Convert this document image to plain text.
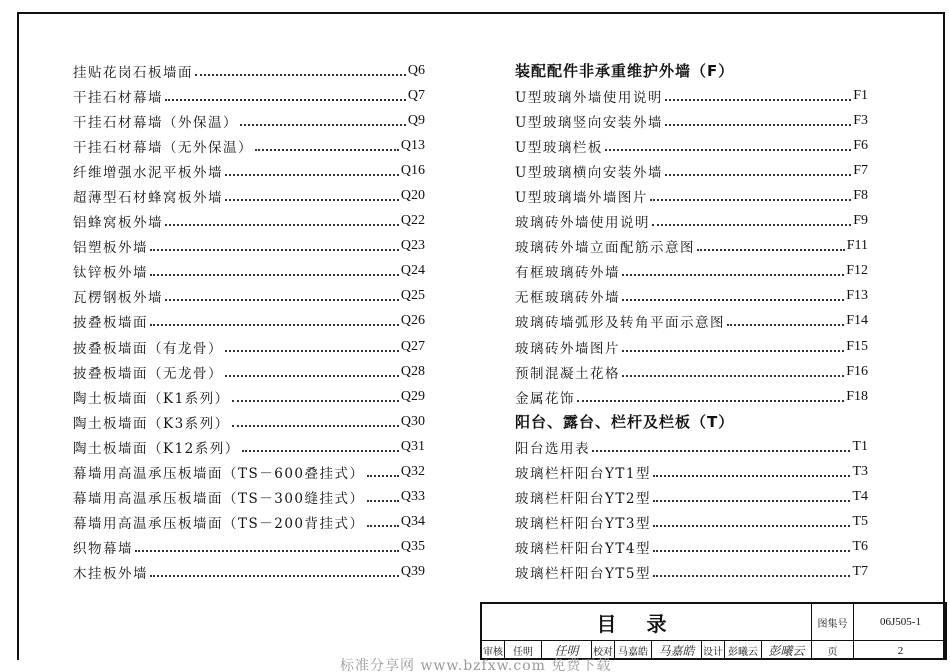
挂贴花岗石板墙面	Q6
干挂石材幕墙	Q7
干挂石材幕墙（外保温）	Q9
干挂石材幕墙（无外保温）	Q13
纤维增强水泥平板外墙	Q16
超薄型石材蜂窝板外墙	Q20
铝蜂窝板外墙	Q22
铝塑板外墙	Q23
钛锌板外墙	Q24
瓦楞钢板外墙	Q25
披叠板墙面	Q26
披叠板墙面（有龙骨）	Q27
披叠板墙面（无龙骨）	Q28
陶土板墙面（K1系列）	Q29
陶土板墙面（K3系列）	Q30
陶土板墙面（K12系列）	Q31
幕墙用高温承压板墙面（TS－600叠挂式）	Q32
幕墙用高温承压板墙面（TS－300缝挂式）	Q33
幕墙用高温承压板墙面（TS－200背挂式）	Q34
织物幕墙	Q35
木挂板外墙	Q39
装配配件非承重维护外墙（F）
U型玻璃外墙使用说明	F1
U型玻璃竖向安装外墙	F3
U型玻璃栏板	F6
U型玻璃横向安装外墙	F7
U型玻璃墙外墙图片	F8
玻璃砖外墙使用说明	F9
玻璃砖外墙立面配筋示意图	F11
有框玻璃砖外墙	F12
无框玻璃砖外墙	F13
玻璃砖墙弧形及转角平面示意图	F14
玻璃砖外墙图片	F15
预制混凝土花格	F16
金属花饰	F18
阳台、露台、栏杆及栏板（T）
阳台选用表	T1
玻璃栏杆阳台YT1型	T3
玻璃栏杆阳台YT2型	T4
玻璃栏杆阳台YT3型	T5
玻璃栏杆阳台YT4型	T6
玻璃栏杆阳台YT5型	T7
目录	图集号	06J505-1
审核	任明	任明	校对 马嘉皓 马嘉皓 设计 彭曦云 彭曦云	页	2
标准分享网 www.bzfxw.com 免费下载
